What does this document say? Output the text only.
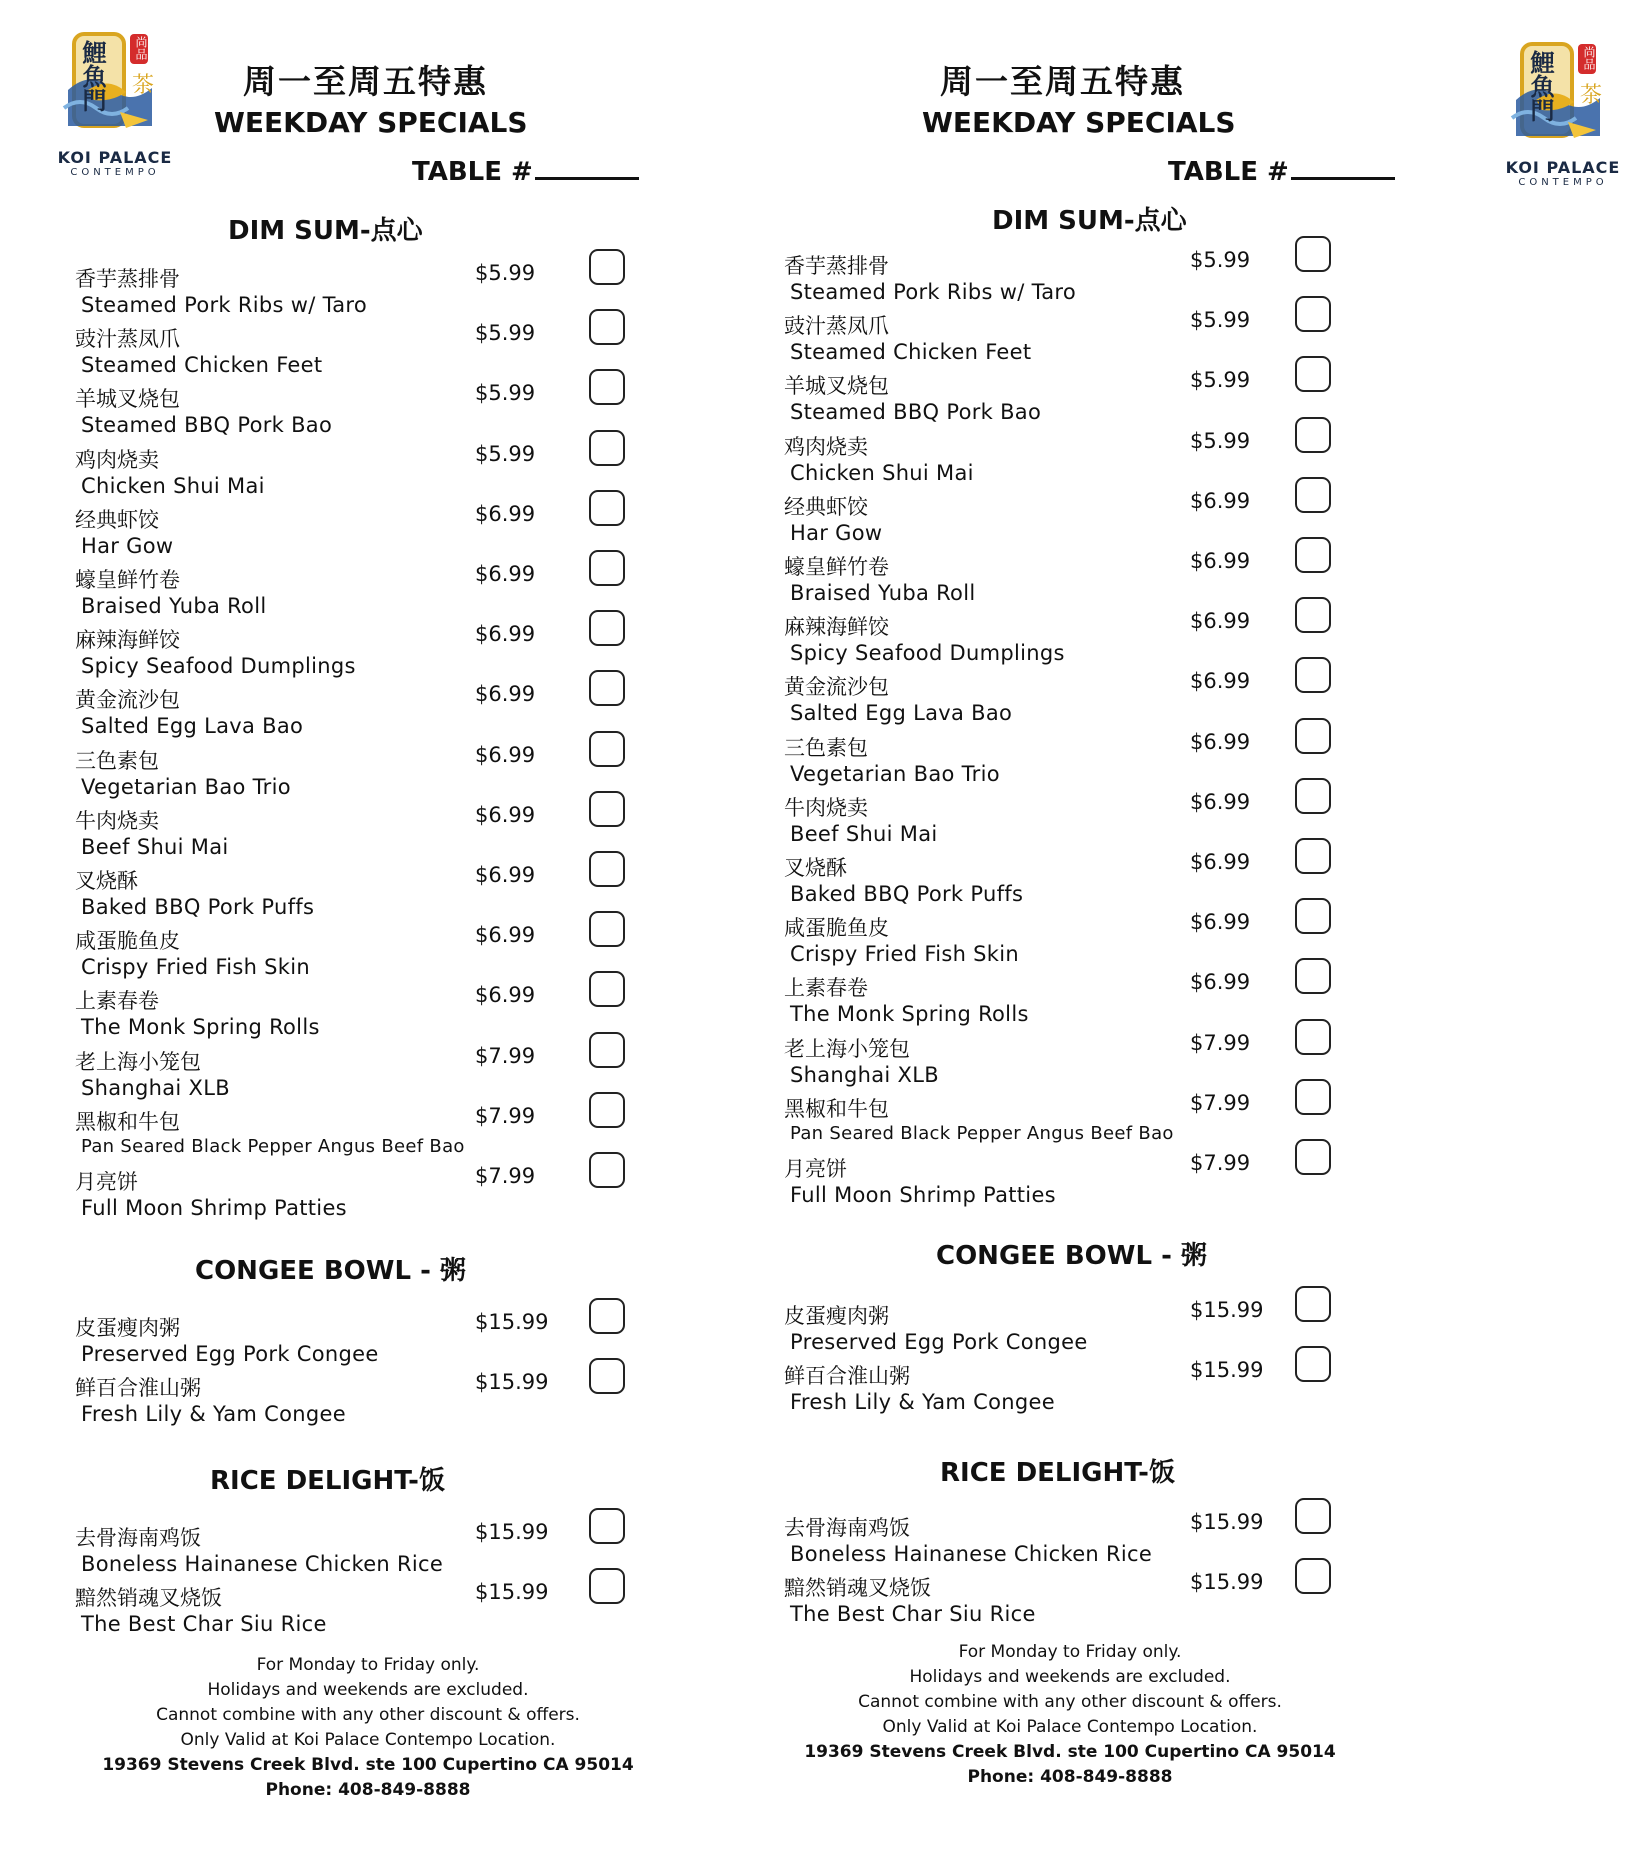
鯉魚門 尚品
茶
KOI PALACE
CONTEMPO
周一至周五特惠
WEEKDAY SPECIALS
TABLE #
DIM SUM-点心
香芋蒸排骨
Steamed Pork Ribs w/ Taro
$5.99
豉汁蒸凤爪
Steamed Chicken Feet
$5.99
羊城叉烧包
Steamed BBQ Pork Bao
$5.99
鸡肉烧卖
Chicken Shui Mai
$5.99
经典虾饺
Har Gow
$6.99
蠔皇鲜竹卷
Braised Yuba Roll
$6.99
麻辣海鲜饺
Spicy Seafood Dumplings
$6.99
黄金流沙包
Salted Egg Lava Bao
$6.99
三色素包
Vegetarian Bao Trio
$6.99
牛肉烧卖
Beef Shui Mai
$6.99
叉烧酥
Baked BBQ Pork Puffs
$6.99
咸蛋脆鱼皮
Crispy Fried Fish Skin
$6.99
上素春卷
The Monk Spring Rolls
$6.99
老上海小笼包
Shanghai XLB
$7.99
黑椒和牛包
Pan Seared Black Pepper Angus Beef Bao
$7.99
月亮饼
Full Moon Shrimp Patties
$7.99
CONGEE BOWL - 粥
皮蛋瘦肉粥
Preserved Egg Pork Congee
$15.99
鲜百合淮山粥
Fresh Lily & Yam Congee
$15.99
RICE DELIGHT-饭
去骨海南鸡饭
Boneless Hainanese Chicken Rice
$15.99
黯然销魂叉烧饭
The Best Char Siu Rice
$15.99
For Monday to Friday only.
Holidays and weekends are excluded.
Cannot combine with any other discount & offers.
Only Valid at Koi Palace Contempo Location.
19369 Stevens Creek Blvd. ste 100 Cupertino CA 95014
Phone: 408-849-8888
鯉魚門 尚品
茶
KOI PALACE
CONTEMPO
周一至周五特惠
WEEKDAY SPECIALS
TABLE #
DIM SUM-点心
香芋蒸排骨
Steamed Pork Ribs w/ Taro
$5.99
豉汁蒸凤爪
Steamed Chicken Feet
$5.99
羊城叉烧包
Steamed BBQ Pork Bao
$5.99
鸡肉烧卖
Chicken Shui Mai
$5.99
经典虾饺
Har Gow
$6.99
蠔皇鲜竹卷
Braised Yuba Roll
$6.99
麻辣海鲜饺
Spicy Seafood Dumplings
$6.99
黄金流沙包
Salted Egg Lava Bao
$6.99
三色素包
Vegetarian Bao Trio
$6.99
牛肉烧卖
Beef Shui Mai
$6.99
叉烧酥
Baked BBQ Pork Puffs
$6.99
咸蛋脆鱼皮
Crispy Fried Fish Skin
$6.99
上素春卷
The Monk Spring Rolls
$6.99
老上海小笼包
Shanghai XLB
$7.99
黑椒和牛包
Pan Seared Black Pepper Angus Beef Bao
$7.99
月亮饼
Full Moon Shrimp Patties
$7.99
CONGEE BOWL - 粥
皮蛋瘦肉粥
Preserved Egg Pork Congee
$15.99
鲜百合淮山粥
Fresh Lily & Yam Congee
$15.99
RICE DELIGHT-饭
去骨海南鸡饭
Boneless Hainanese Chicken Rice
$15.99
黯然销魂叉烧饭
The Best Char Siu Rice
$15.99
For Monday to Friday only.
Holidays and weekends are excluded.
Cannot combine with any other discount & offers.
Only Valid at Koi Palace Contempo Location.
19369 Stevens Creek Blvd. ste 100 Cupertino CA 95014
Phone: 408-849-8888
